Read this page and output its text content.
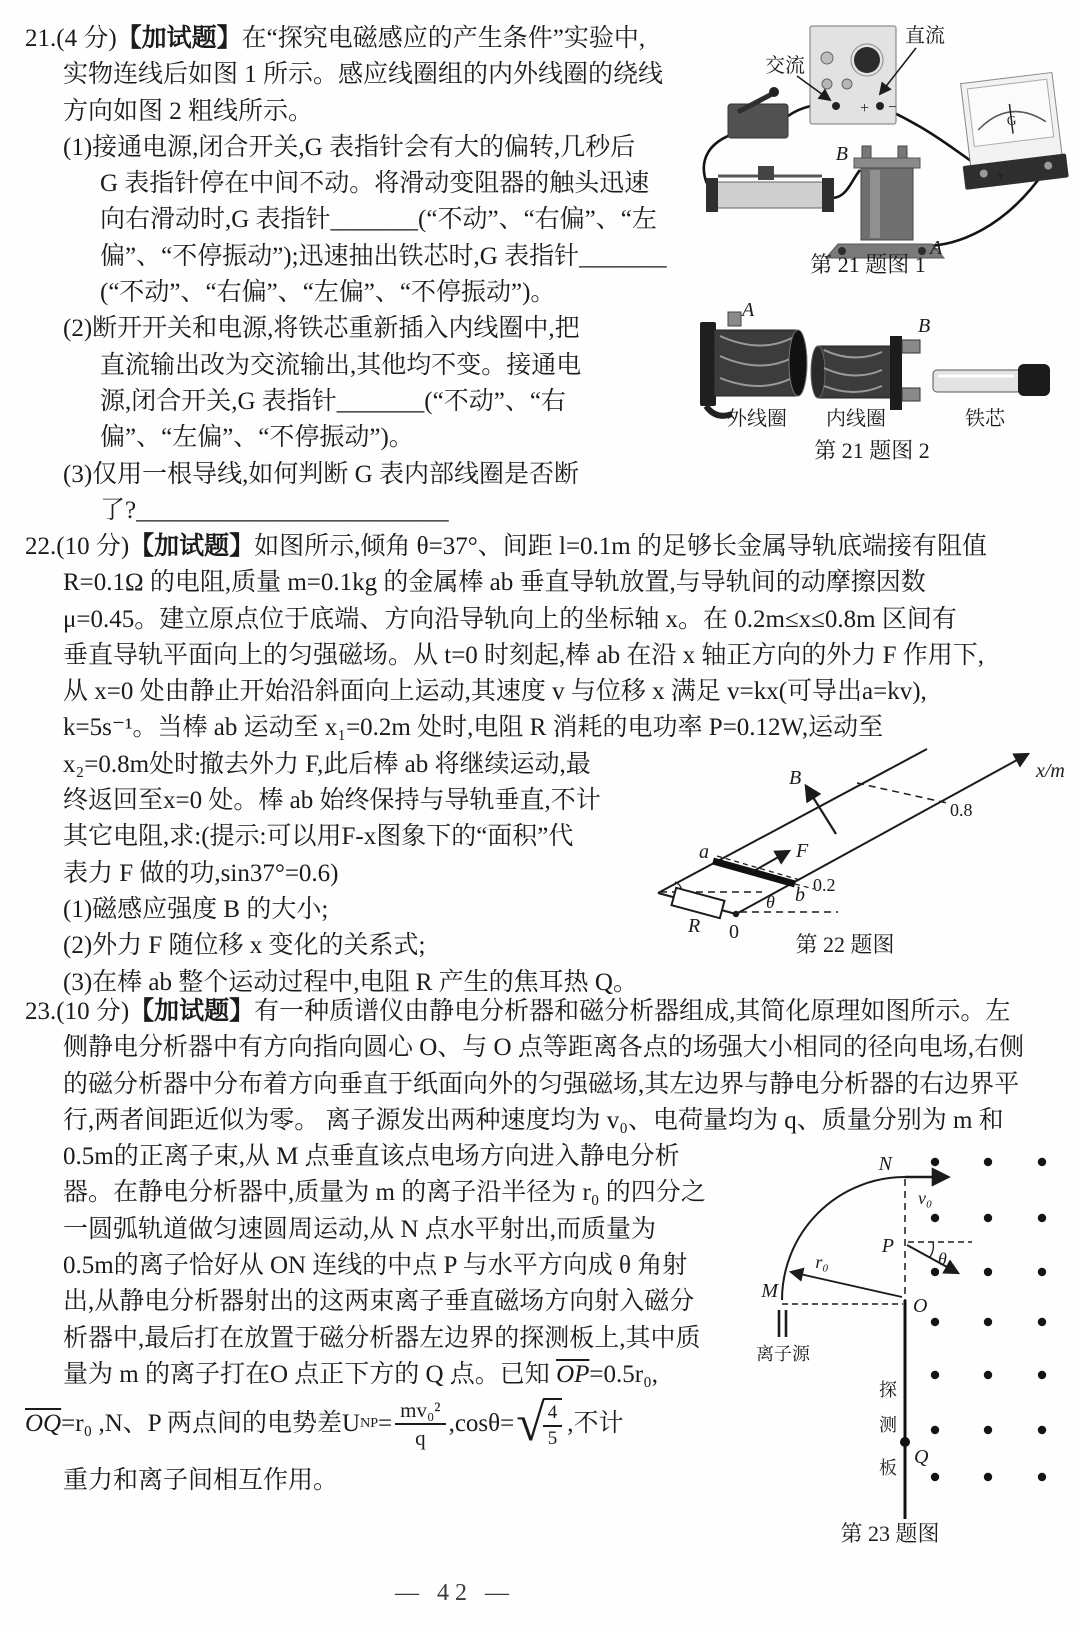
21.(4 分)【加试题】在“探究电磁感应的产生条件”实验中,
实物连线后如图 1 所示。感应线圈组的内外线圈的绕线
方向如图 2 粗线所示。
(1)接通电源,闭合开关,G 表指针会有大的偏转,几秒后
G 表指针停在中间不动。将滑动变阻器的触头迅速
向右滑动时,G 表指针_______(“不动”、“右偏”、“左
偏”、“不停振动”);迅速抽出铁芯时,G 表指针_______
(“不动”、“右偏”、“左偏”、“不停振动”)。
(2)断开开关和电源,将铁芯重新插入内线圈中,把
直流输出改为交流输出,其他均不变。接通电
源,闭合开关,G 表指针_______(“不动”、“右
偏”、“左偏”、“不停振动”)。
(3)仅用一根导线,如何判断 G 表内部线圈是否断
了?_________________________
+ −
交流
直流
B
A
G
+
第 21 题图 1
A
外线圈
B
内线圈	铁芯
第 21 题图 2
22.(10 分)【加试题】如图所示,倾角 θ=37°、间距 l=0.1m 的足够长金属导轨底端接有阻值
R=0.1Ω 的电阻,质量 m=0.1kg 的金属棒 ab 垂直导轨放置,与导轨间的动摩擦因数
μ=0.45。建立原点位于底端、方向沿导轨向上的坐标轴 x。在 0.2m≤x≤0.8m 区间有
垂直导轨平面向上的匀强磁场。从 t=0 时刻起,棒 ab 在沿 x 轴正方向的外力 F 作用下,
从 x=0 处由静止开始沿斜面向上运动,其速度 v 与位移 x 满足 v=kx(可导出a=kv),
k=5s⁻¹。当棒 ab 运动至 x₁=0.2m 处时,电阻 R 消耗的电功率 P=0.12W,运动至
x₂=0.8m处时撤去外力 F,此后棒 ab 将继续运动,最
终返回至x=0 处。棒 ab 始终保持与导轨垂直,不计
其它电阻,求:(提示:可以用F-x图象下的“面积”代
表力 F 做的功,sin37°=0.6)
(1)磁感应强度 B 的大小;
(2)外力 F 随位移 x 变化的关系式;
(3)在棒 ab 整个运动过程中,电阻 R 产生的焦耳热 Q。
x/m
R 0
θ
a
b 0.2
F
B
0.8
第 22 题图
23.(10 分)【加试题】有一种质谱仪由静电分析器和磁分析器组成,其简化原理如图所示。左
侧静电分析器中有方向指向圆心 O、与 O 点等距离各点的场强大小相同的径向电场,右侧
的磁分析器中分布着方向垂直于纸面向外的匀强磁场,其左边界与静电分析器的右边界平
行,两者间距近似为零。 离子源发出两种速度均为 v₀、电荷量均为 q、质量分别为 m 和
0.5m的正离子束,从 M 点垂直该点电场方向进入静电分析
器。在静电分析器中,质量为 m 的离子沿半径为 r₀ 的四分之
一圆弧轨道做匀速圆周运动,从 N 点水平射出,而质量为
0.5m的离子恰好从 ON 连线的中点 P 与水平方向成 θ 角射
出,从静电分析器射出的这两束离子垂直磁场方向射入磁分
析器中,最后打在放置于磁分析器左边界的探测板上,其中质
量为 m 的离子打在O 点正下方的 Q 点。已知 $\overline{OP}=0.5r_0$,
$\overline{OQ} =r_0$ ,N、P 两点间的电势差U NP = $\frac{\text{mv₀²}}{q} ,\cos\theta=$ √
$\frac{4}{5}$ ,不计
重力和离子间相互作用。
N
v₀
P
θ
r₀
M
离子源
O
探
测
板 Q
第 23 题图
— 42 —
